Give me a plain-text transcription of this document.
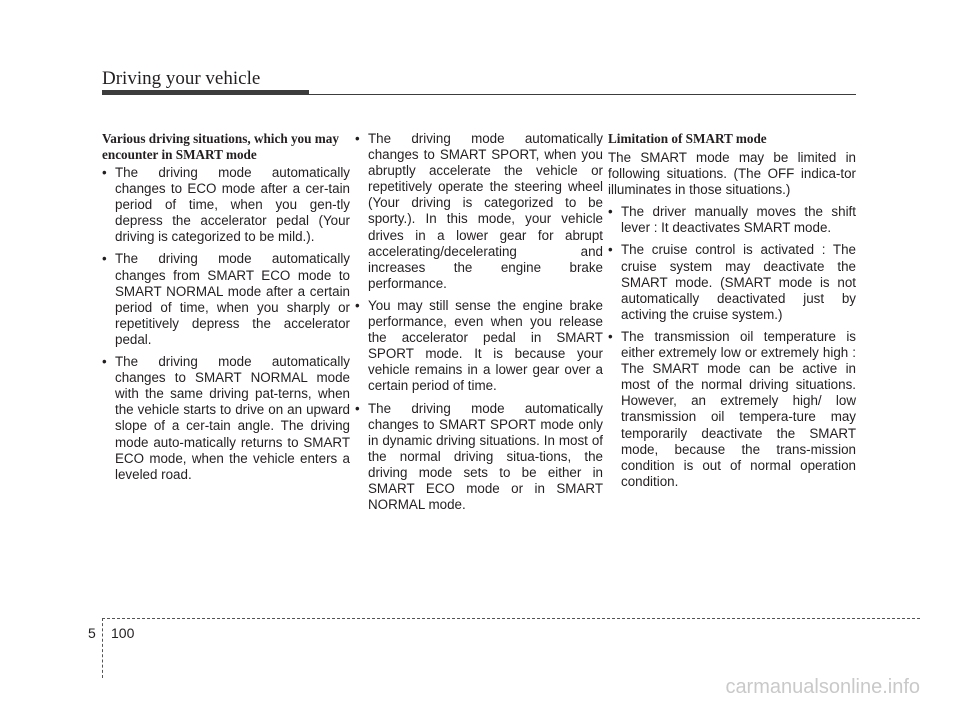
Driving your vehicle
Various driving situations, which you may encounter in SMART mode
• The driving mode automatically changes to ECO mode after a cer-tain period of time, when you gen-tly depress the accelerator pedal (Your driving is categorized to be mild.).
• The driving mode automatically changes from SMART ECO mode to SMART NORMAL mode after a certain period of time, when you sharply or repetitively depress the accelerator pedal.
• The driving mode automatically changes to SMART NORMAL mode with the same driving pat-terns, when the vehicle starts to drive on an upward slope of a cer-tain angle. The driving mode auto-matically returns to SMART ECO mode, when the vehicle enters a leveled road.
• The driving mode automatically changes to SMART SPORT, when you abruptly accelerate the vehicle or repetitively operate the steering wheel (Your driving is categorized to be sporty.). In this mode, your vehicle drives in a lower gear for abrupt accelerating/decelerating and increases the engine brake performance.
• You may still sense the engine brake performance, even when you release the accelerator pedal in SMART SPORT mode. It is because your vehicle remains in a lower gear over a certain period of time.
• The driving mode automatically changes to SMART SPORT mode only in dynamic driving situations. In most of the normal driving situa-tions, the driving mode sets to be either in SMART ECO mode or in SMART NORMAL mode.
Limitation of SMART mode
The SMART mode may be limited in following situations. (The OFF indica-tor illuminates in those situations.)
• The driver manually moves the shift lever : It deactivates SMART mode.
• The cruise control is activated : The cruise system may deactivate the SMART mode. (SMART mode is not automatically deactivated just by activing the cruise system.)
• The transmission oil temperature is either extremely low or extremely high : The SMART mode can be active in most of the normal driving situations. However, an extremely high/ low transmission oil tempera-ture may temporarily deactivate the SMART mode, because the trans-mission condition is out of normal operation condition.
5 100
carmanualsonline.info
